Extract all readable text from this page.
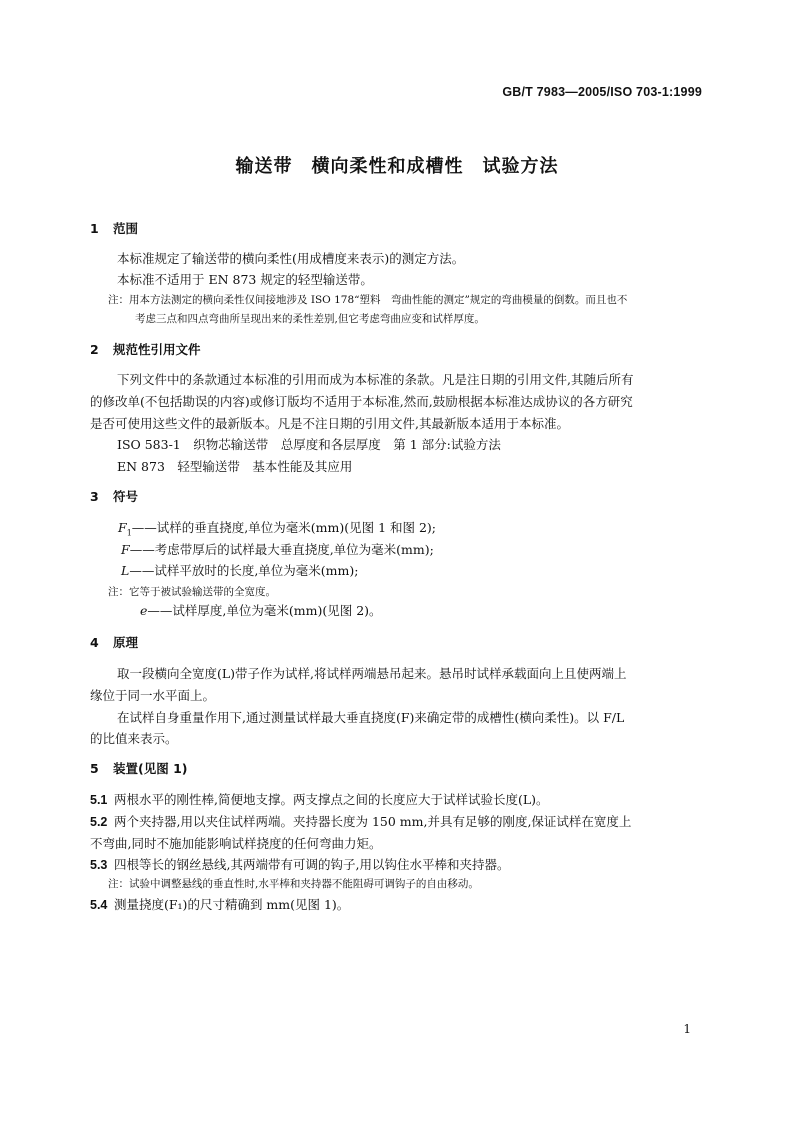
GB/T 7983—2005/ISO 703-1:1999
输送带　横向柔性和成槽性　试验方法
1 范围
本标准规定了输送带的横向柔性(用成槽度来表示)的测定方法。
本标准不适用于 EN 873 规定的轻型输送带。
注：用本方法测定的横向柔性仅间接地涉及 ISO 178“塑料　弯曲性能的测定”规定的弯曲模量的倒数。而且也不
考虑三点和四点弯曲所呈现出来的柔性差别,但它考虑弯曲应变和试样厚度。
2 规范性引用文件
下列文件中的条款通过本标准的引用而成为本标准的条款。凡是注日期的引用文件,其随后所有
的修改单(不包括勘误的内容)或修订版均不适用于本标准,然而,鼓励根据本标准达成协议的各方研究
是否可使用这些文件的最新版本。凡是不注日期的引用文件,其最新版本适用于本标准。
ISO 583-1　织物芯输送带　总厚度和各层厚度　第 1 部分:试验方法
EN 873　轻型输送带　基本性能及其应用
3 符号
$F_1——$试样的垂直挠度,单位为毫米(mm)(见图 1 和图 2);
F——考虑带厚后的试样最大垂直挠度,单位为毫米(mm);
L——试样平放时的长度,单位为毫米(mm);
注：它等于被试验输送带的全宽度。
e——试样厚度,单位为毫米(mm)(见图 2)。
4 原理
取一段横向全宽度(L)带子作为试样,将试样两端悬吊起来。悬吊时试样承载面向上且使两端上
缘位于同一水平面上。
在试样自身重量作用下,通过测量试样最大垂直挠度(F)来确定带的成槽性(横向柔性)。以 F/L
的比值来表示。
5 装置(见图 1)
5.1 两根水平的刚性棒,简便地支撑。两支撑点之间的长度应大于试样试验长度(L)。
5.2 两个夹持器,用以夹住试样两端。夹持器长度为 150 mm,并具有足够的刚度,保证试样在宽度上
不弯曲,同时不施加能影响试样挠度的任何弯曲力矩。
5.3 四根等长的钢丝悬线,其两端带有可调的钩子,用以钩住水平棒和夹持器。
注：试验中调整悬线的垂直性时,水平棒和夹持器不能阻碍可调钩子的自由移动。
5.4 测量挠度(F₁)的尺寸精确到 mm(见图 1)。
1
